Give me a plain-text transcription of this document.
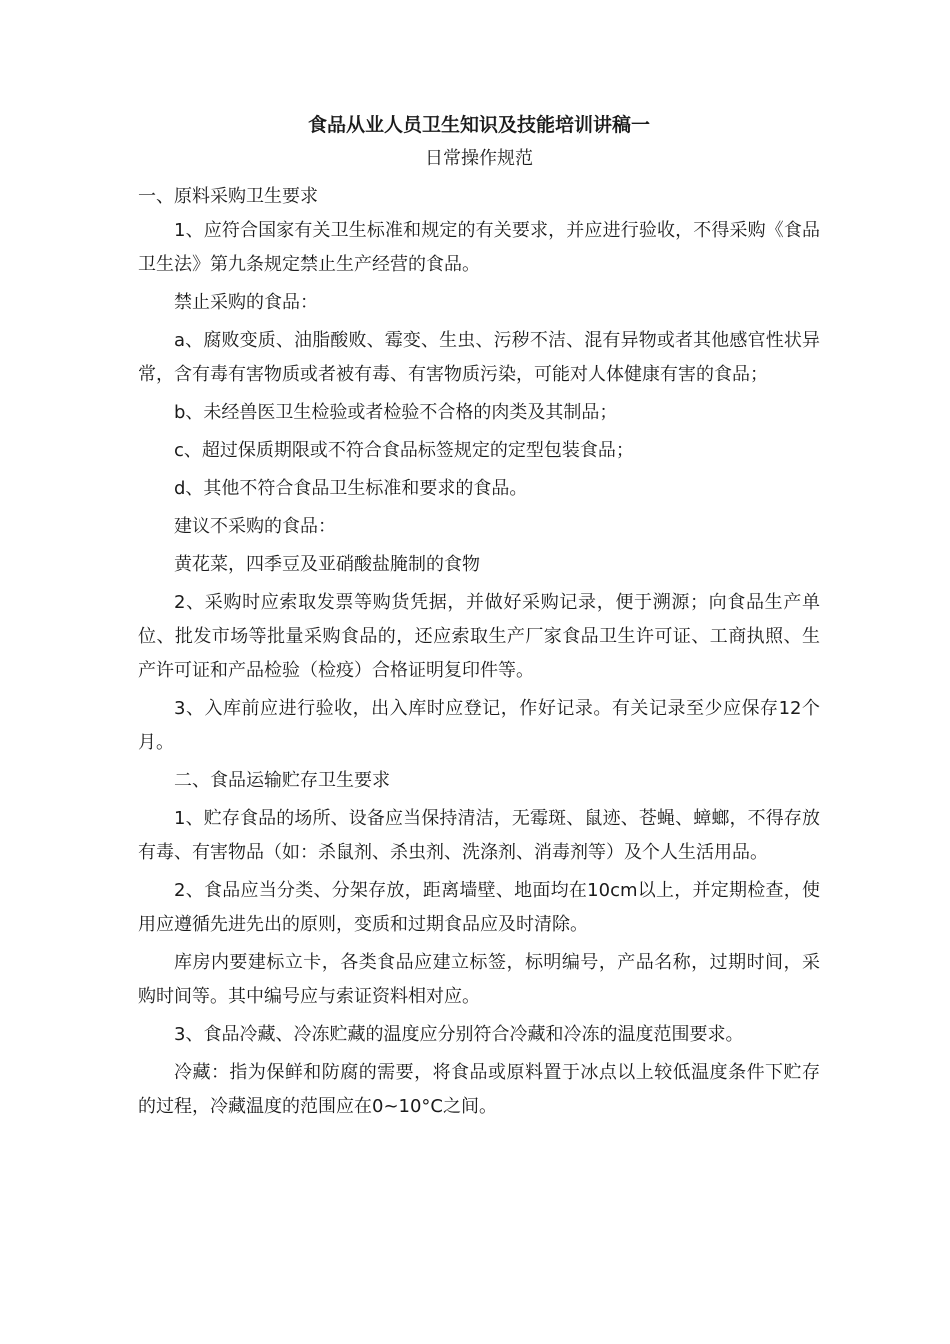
食品从业人员卫生知识及技能培训讲稿一
日常操作规范

一、原料采购卫生要求

1、应符合国家有关卫生标准和规定的有关要求，并应进行验收，不得采购《食品卫生法》第九条规定禁止生产经营的食品。

禁止采购的食品：

a、腐败变质、油脂酸败、霉变、生虫、污秽不洁、混有异物或者其他感官性状异常，含有毒有害物质或者被有毒、有害物质污染，可能对人体健康有害的食品；

b、未经兽医卫生检验或者检验不合格的肉类及其制品；

c、超过保质期限或不符合食品标签规定的定型包装食品；

d、其他不符合食品卫生标准和要求的食品。

建议不采购的食品：

黄花菜，四季豆及亚硝酸盐腌制的食物

2、采购时应索取发票等购货凭据，并做好采购记录，便于溯源；向食品生产单位、批发市场等批量采购食品的，还应索取生产厂家食品卫生许可证、工商执照、生产许可证和产品检验（检疫）合格证明复印件等。

3、入库前应进行验收，出入库时应登记，作好记录。有关记录至少应保存12个月。

二、食品运输贮存卫生要求

1、贮存食品的场所、设备应当保持清洁，无霉斑、鼠迹、苍蝇、蟑螂，不得存放有毒、有害物品（如：杀鼠剂、杀虫剂、洗涤剂、消毒剂等）及个人生活用品。

2、食品应当分类、分架存放，距离墙壁、地面均在10cm以上，并定期检查，使用应遵循先进先出的原则，变质和过期食品应及时清除。

库房内要建标立卡，各类食品应建立标签，标明编号，产品名称，过期时间，采购时间等。其中编号应与索证资料相对应。

3、食品冷藏、冷冻贮藏的温度应分别符合冷藏和冷冻的温度范围要求。

冷藏：指为保鲜和防腐的需要，将食品或原料置于冰点以上较低温度条件下贮存的过程，冷藏温度的范围应在0~10°C之间。
